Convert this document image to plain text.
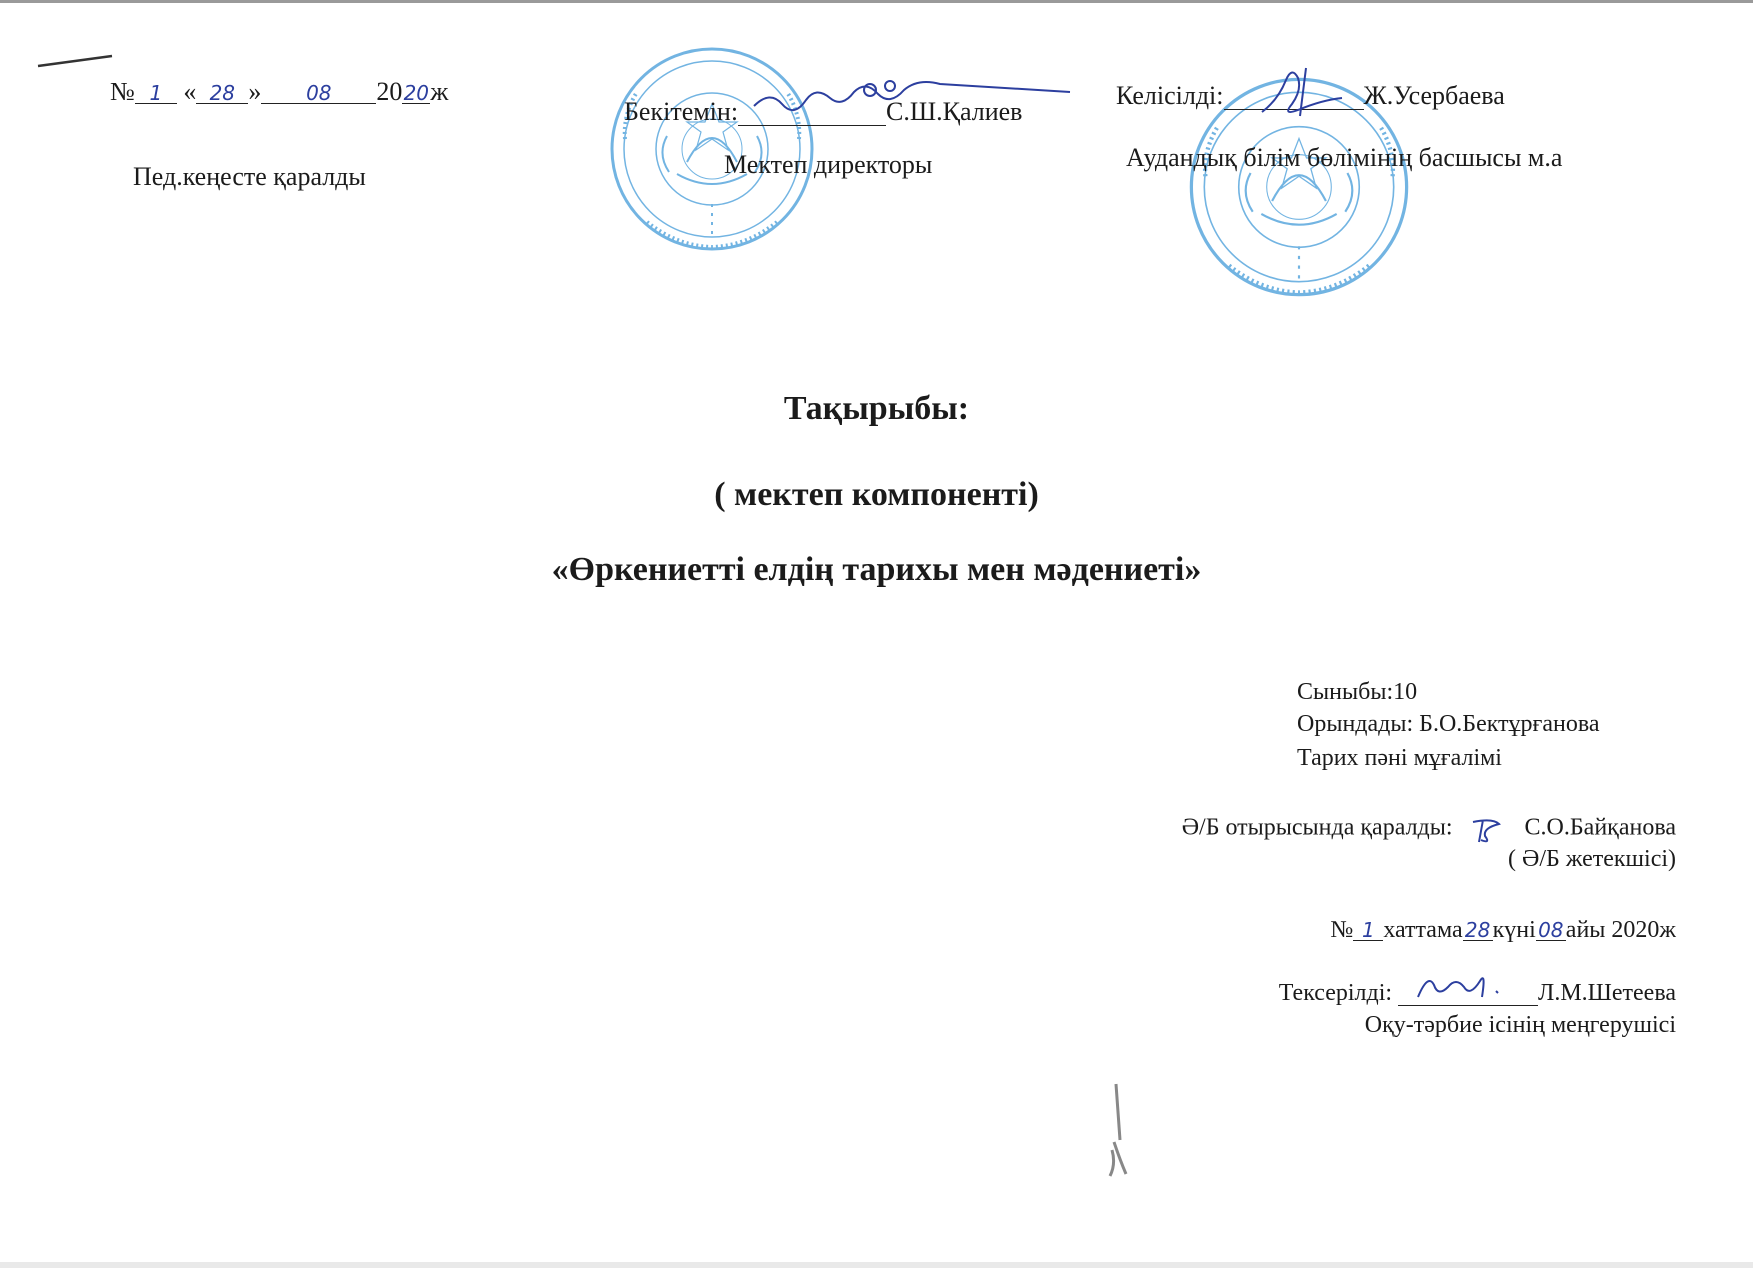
№ 1 « 28 » 08 2020ж
Пед.кеңесте қаралды
Бекітемін:	С.Ш.Қалиев
Мектеп директоры
Келісілді:	Ж.Усербаева
Аудандық білім бөлімінің басшысы м.а
Тақырыбы:
( мектеп компоненті)
«Өркениетті елдің тарихы мен мәдениеті»
Сыныбы:10
Орындады: Б.О.Бектұрғанова
Тарих пәні мұғалімі
Ә/Б отырысында қаралды:	С.О.Байқанова
( Ә/Б жетекшісі)
№ 1 хаттама 28күні 08айы 2020ж
Тексерілді:	Л.М.Шетеева
Оқу-тәрбие ісінің меңгерушісі
